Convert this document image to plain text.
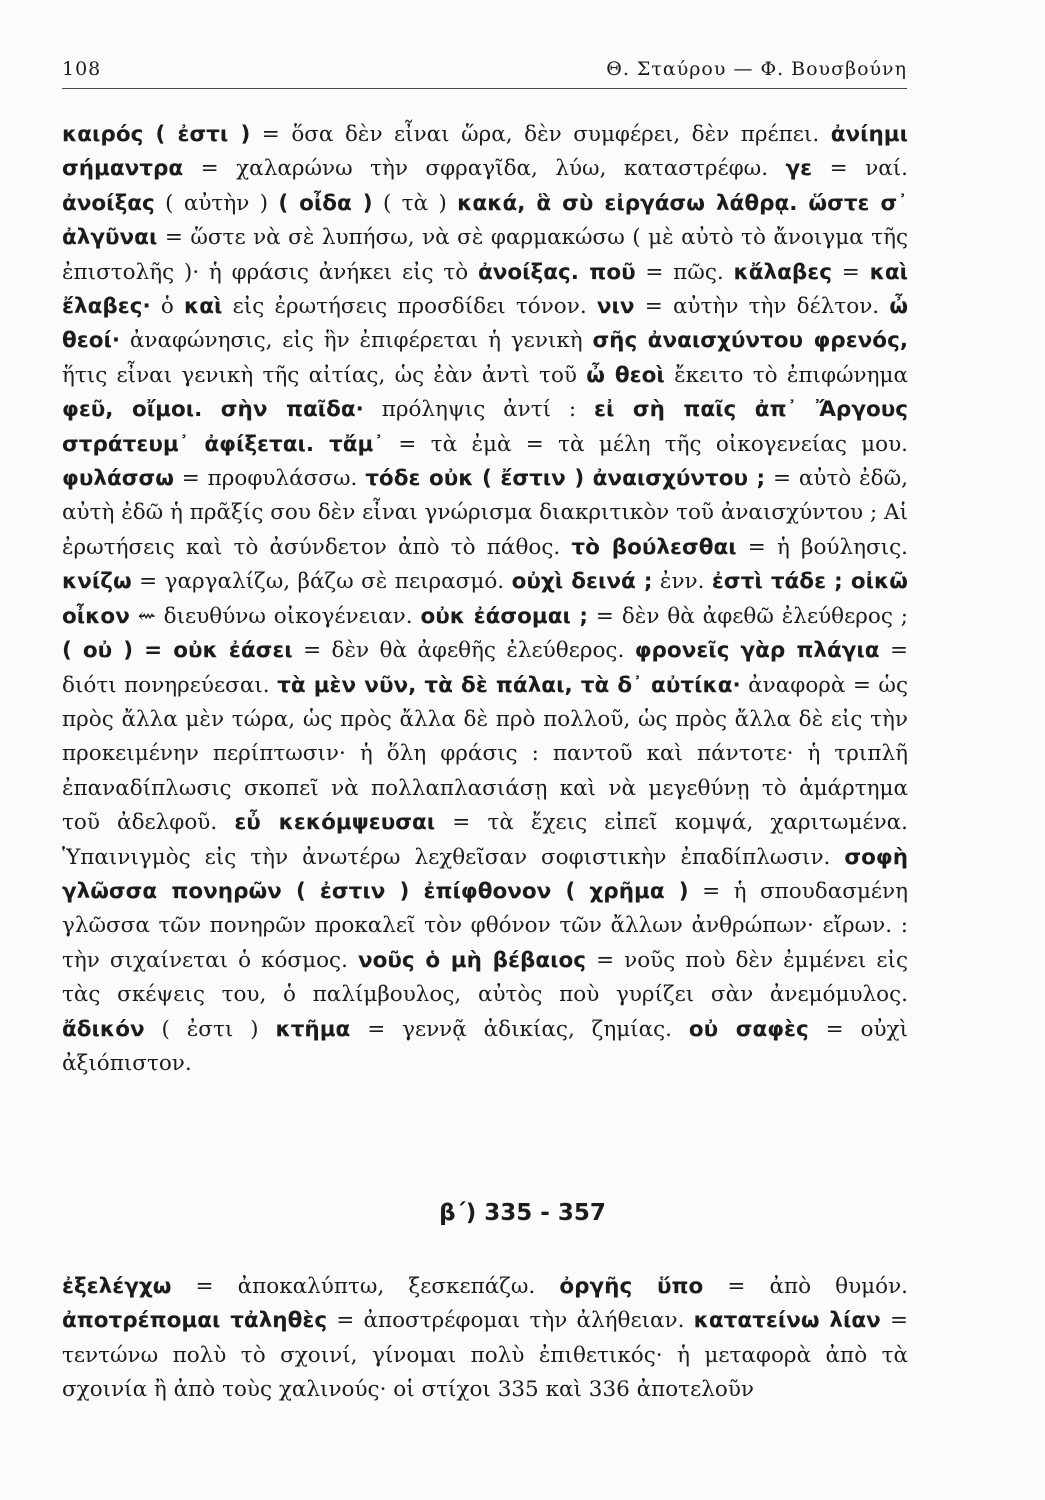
108	Θ. Σταύρου — Φ. Βουσβούνη

καιρός ( ἐστι ) = ὅσα δὲν εἶναι ὥρα, δὲν συμφέρει, δὲν πρέπει. ἀνίημι σήμαντρα = χαλαρώνω τὴν σφραγῖδα, λύω, καταστρέφω. γε = ναί. ἀνοίξας ( αὐτὴν ) ( οἶδα ) ( τὰ ) κακά, ἃ σὺ εἰργάσω λάθρᾳ. ὥστε σ᾽ ἀλγῦναι = ὥστε νὰ σὲ λυπήσω, νὰ σὲ φαρμακώσω ( μὲ αὐτὸ τὸ ἄνοιγμα τῆς ἐπιστολῆς )· ἡ φράσις ἀνήκει εἰς τὸ ἀνοίξας. ποῦ = πῶς. κἄλαβες = καὶ ἔλαβες· ὁ καὶ εἰς ἐρωτήσεις προσδίδει τόνον. νιν = αὐτὴν τὴν δέλτον. ὦ θεοί· ἀναφώνησις, εἰς ἣν ἐπιφέρεται ἡ γενικὴ σῆς ἀναισχύντου φρενός, ἥτις εἶναι γενικὴ τῆς αἰτίας, ὡς ἐὰν ἀντὶ τοῦ ὦ θεοὶ ἔκειτο τὸ ἐπιφώνημα φεῦ, οἴμοι. σὴν παῖδα· πρόληψις ἀντί : εἰ σὴ παῖς ἀπ᾽ Ἄργους στράτευμ᾽ ἀφίξεται. τἄμ᾽ = τὰ ἐμὰ = τὰ μέλη τῆς οἰκογενείας μου. φυλάσσω = προφυλάσσω. τόδε οὐκ ( ἔστιν ) ἀναισχύντου ; = αὐτὸ ἐδῶ, αὐτὴ ἐδῶ ἡ πρᾶξίς σου δὲν εἶναι γνώρισμα διακριτικὸν τοῦ ἀναισχύντου ; Αἱ ἐρωτήσεις καὶ τὸ ἀσύνδετον ἀπὸ τὸ πάθος. τὸ βούλεσθαι = ἡ βούλησις. κνίζω = γαργαλίζω, βάζω σὲ πειρασμό. οὐχὶ δεινά ; ἐνν. ἐστὶ τάδε ; οἰκῶ οἶκον ⇜ διευθύνω οἰκογένειαν. οὐκ ἐάσομαι ; = δὲν θὰ ἀφεθῶ ἐλεύθερος ; ( οὐ ) = οὐκ ἐάσει = δὲν θὰ ἀφεθῆς ἐλεύθερος. φρονεῖς γὰρ πλάγια = διότι πονηρεύεσαι. τὰ μὲν νῦν, τὰ δὲ πάλαι, τὰ δ᾽ αὐτίκα· ἀναφορὰ = ὡς πρὸς ἄλλα μὲν τώρα, ὡς πρὸς ἄλλα δὲ πρὸ πολλοῦ, ὡς πρὸς ἄλλα δὲ εἰς τὴν προκειμένην περίπτωσιν· ἡ ὅλη φράσις : παντοῦ καὶ πάντοτε· ἡ τριπλῆ ἐπαναδίπλωσις σκοπεῖ νὰ πολλαπλασιάσῃ καὶ νὰ μεγεθύνῃ τὸ ἁμάρτημα τοῦ ἀδελφοῦ. εὖ κεκόμψευσαι = τὰ ἔχεις εἰπεῖ κομψά, χαριτωμένα. Ὑπαινιγμὸς εἰς τὴν ἀνωτέρω λεχθεῖσαν σοφιστικὴν ἐπαδίπλωσιν. σοφὴ γλῶσσα πονηρῶν ( ἐστιν ) ἐπίφθονον ( χρῆμα ) = ἡ σπουδασμένη γλῶσσα τῶν πονηρῶν προκαλεῖ τὸν φθόνον τῶν ἄλλων ἀνθρώπων· εἴρων. : τὴν σιχαίνεται ὁ κόσμος. νοῦς ὁ μὴ βέβαιος = νοῦς ποὺ δὲν ἐμμένει εἰς τὰς σκέψεις του, ὁ παλίμβουλος, αὐτὸς ποὺ γυρίζει σὰν ἀνεμόμυλος. ἄδικόν ( ἐστι ) κτῆμα = γεννᾷ ἀδικίας, ζημίας. οὐ σαφὲς = οὐχὶ ἀξιόπιστον.

β΄) 335 - 357

ἐξελέγχω = ἀποκαλύπτω, ξεσκεπάζω. ὀργῆς ὕπο = ἀπὸ θυμόν. ἀποτρέπομαι τἀληθὲς = ἀποστρέφομαι τὴν ἀλήθειαν. κατατείνω λίαν = τεντώνω πολὺ τὸ σχοινί, γίνομαι πολὺ ἐπιθετικός· ἡ μεταφορὰ ἀπὸ τὰ σχοινία ἢ ἀπὸ τοὺς χαλινούς· οἱ στίχοι 335 καὶ 336 ἀποτελοῦν
